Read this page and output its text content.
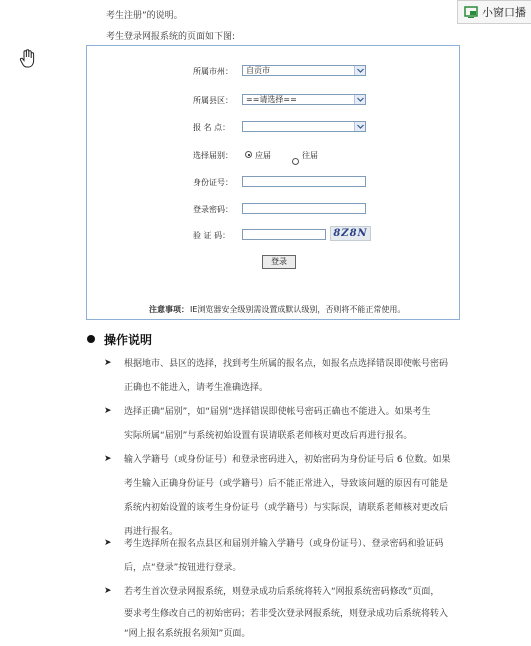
考生注册”的说明。
考生登录网报系统的页面如下图:
小窗口播
所属市州：	自贡市
所属县区：	==请选择==
报 名 点：
选择届别：	应届	往届
身份证号：
登录密码：
验 证 码：	8Z8N
登录
注意事项： IE浏览器安全级别需设置成默认级别，否则将不能正常使用。
操作说明
➤ 根据地市、县区的选择，找到考生所属的报名点，如报名点选择错误即使帐号密码
正确也不能进入，请考生准确选择。
➤ 选择正确“届别”，如“届别”选择错误即使帐号密码正确也不能进入。如果考生
实际所属“届别”与系统初始设置有误请联系老师核对更改后再进行报名。
➤ 输入学籍号（或身份证号）和登录密码进入，初始密码为身份证号后 6 位数。如果
考生输入正确身份证号（或学籍号）后不能正常进入，导致该问题的原因有可能是
系统内初始设置的该考生身份证号（或学籍号）与实际误，请联系老师核对更改后
再进行报名。
➤ 考生选择所在报名点县区和届别并输入学籍号（或身份证号）、登录密码和验证码
后，点“登录”按钮进行登录。
➤ 若考生首次登录网报系统，则登录成功后系统将转入“网报系统密码修改”页面，
要求考生修改自己的初始密码；若非受次登录网报系统，则登录成功后系统将转入
“网上报名系统报名须知”页面。
